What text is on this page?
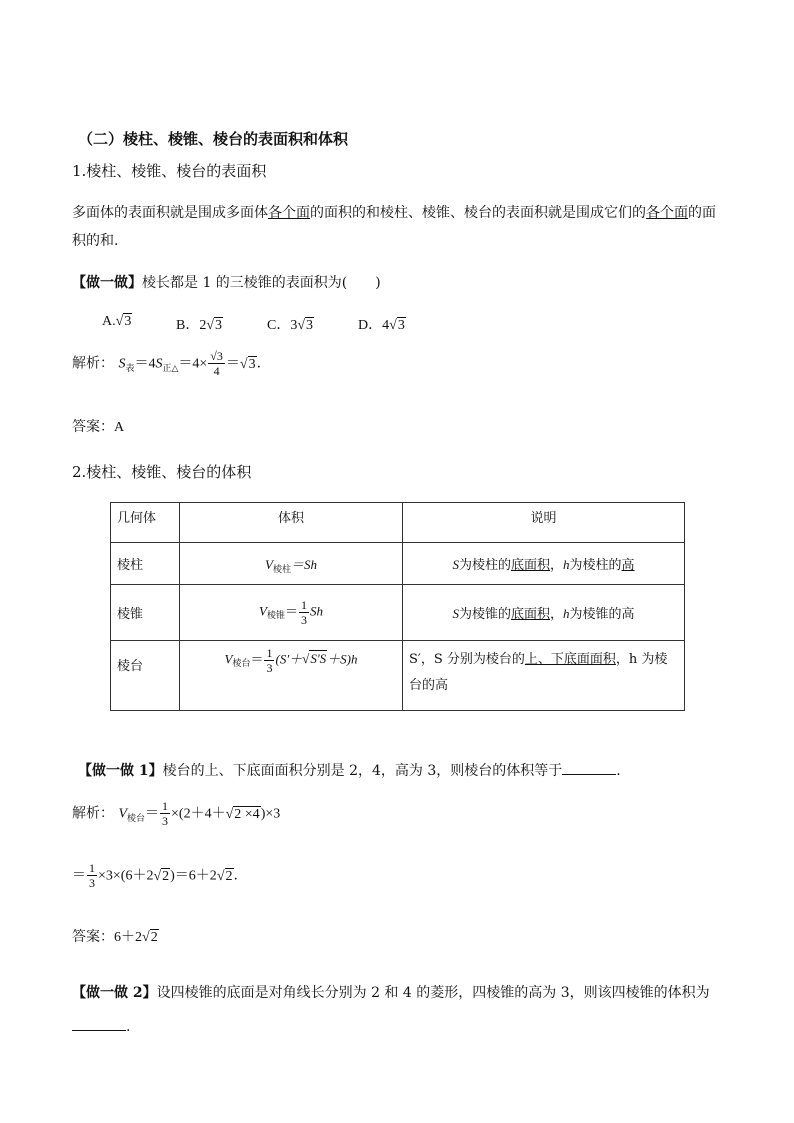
（二）棱柱、棱锥、棱台的表面积和体积
1.棱柱、棱锥、棱台的表面积
多面体的表面积就是围成多面体各个面的面积的和棱柱、棱锥、棱台的表面积就是围成它们的各个面的面
积的和.
【做一做】棱长都是 1 的三棱锥的表面积为(　　)
A.√3	B．2√3	C．3√3	D．4√3
解析： $S_表=4S_{正\triangle}=4\times \frac{√3}{4} =√3$.
答案：A
2.棱柱、棱锥、棱台的体积
几何体	体积	说明
棱柱	$V_{棱柱}=Sh$	S为棱柱的底面积，h为棱柱的高
棱锥	$V_{棱锥}= \frac{1}{3}$ Sh	S为棱锥的底面积，h为棱锥的高
棱台	$V_{棱台}= \frac{1}{3} (S'+√S'S+S)h$	S′，S 分别为棱台的上、下底面面积，h 为棱
台的高
【做一做 1】棱台的上、下底面面积分别是 2，4，高为 3，则棱台的体积等于	.
解析： $V_{棱台}= \frac{1}{3} \times(2+4+√2 \times 4)\times 3$
＝ $\frac{1}{3} \times 3\times(6+2√2)=6+2√2$.
答案：6＋2√2
【做一做 2】设四棱锥的底面是对角线长分别为 2 和 4 的菱形，四棱锥的高为 3，则该四棱锥的体积为.
